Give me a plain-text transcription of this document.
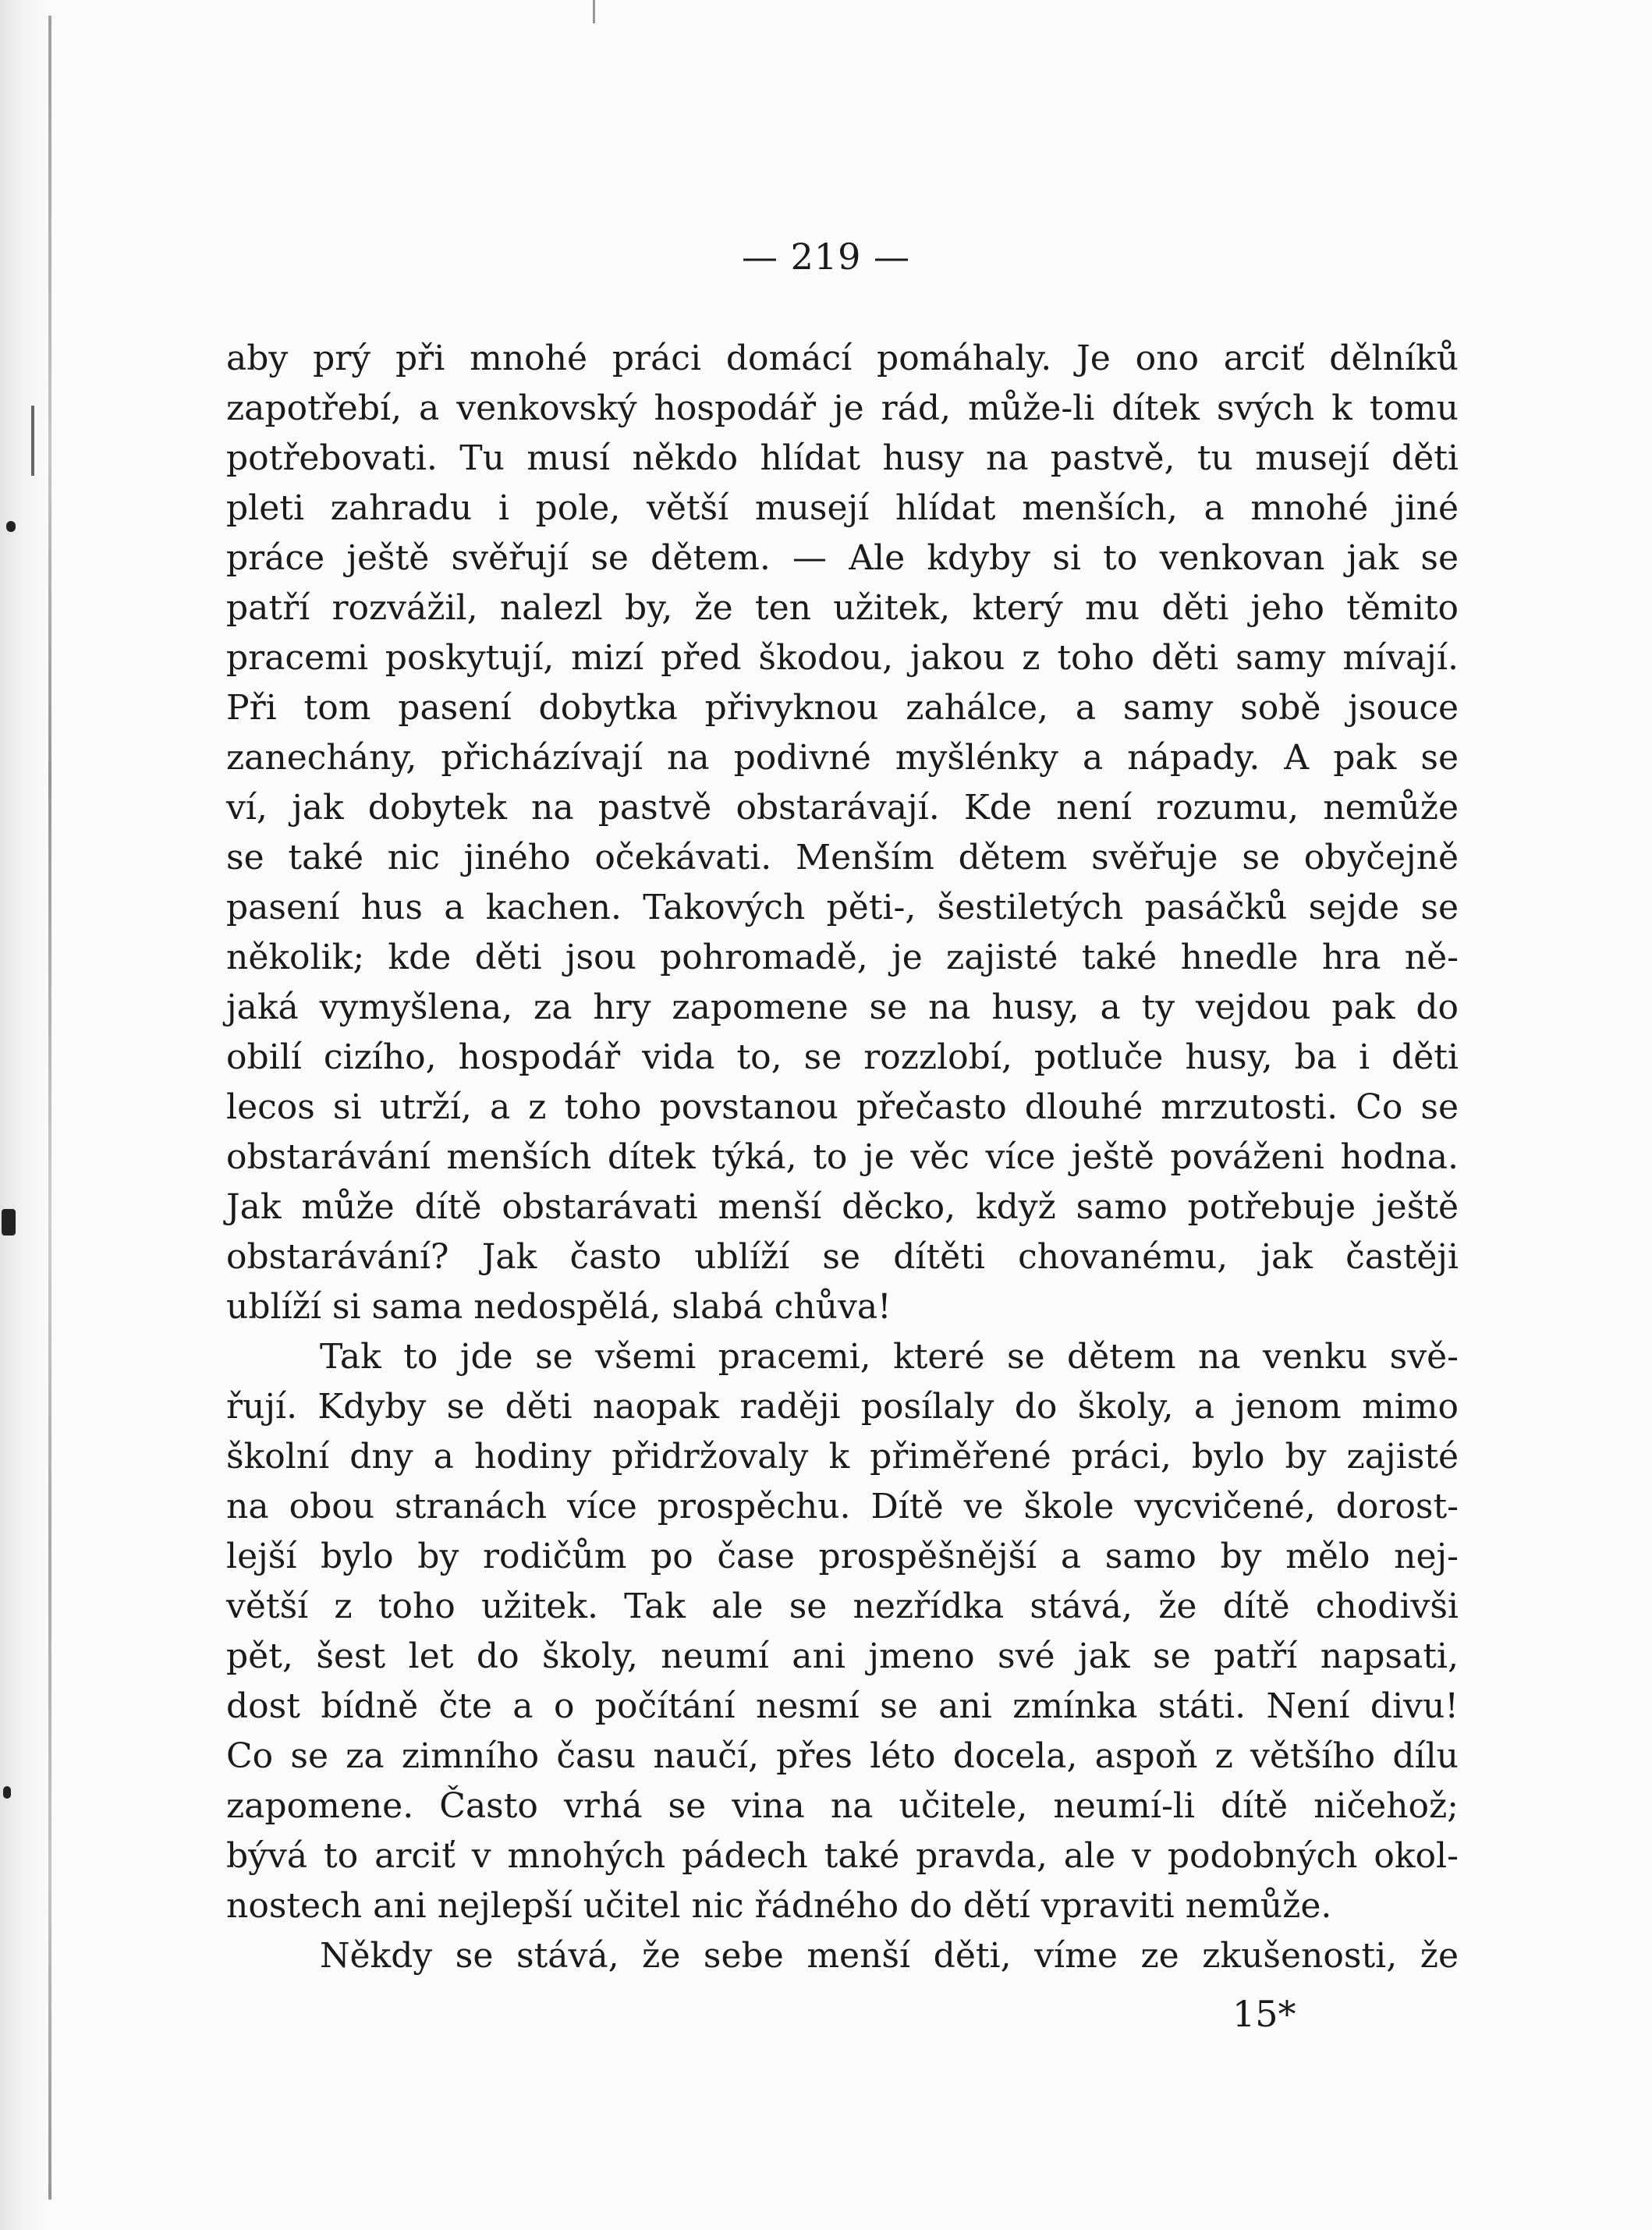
— 219 —
aby prý při mnohé práci domácí pomáhaly. Je ono arciť dělníků
zapotřebí, a venkovský hospodář je rád, může-li dítek svých k tomu
potřebovati. Tu musí někdo hlídat husy na pastvě, tu musejí děti
pleti zahradu i pole, větší musejí hlídat menších, a mnohé jiné
práce ještě svěřují se dětem. — Ale kdyby si to venkovan jak se
patří rozvážil, nalezl by, že ten užitek, který mu děti jeho těmito
pracemi poskytují, mizí před škodou, jakou z toho děti samy mívají.
Při tom pasení dobytka přivyknou zahálce, a samy sobě jsouce
zanechány, přicházívají na podivné myšlénky a nápady. A pak se
ví, jak dobytek na pastvě obstarávají. Kde není rozumu, nemůže
se také nic jiného očekávati. Menším dětem svěřuje se obyčejně
pasení hus a kachen. Takových pěti-, šestiletých pasáčků sejde se
několik; kde děti jsou pohromadě, je zajisté také hnedle hra ně-
jaká vymyšlena, za hry zapomene se na husy, a ty vejdou pak do
obilí cizího, hospodář vida to, se rozzlobí, potluče husy, ba i děti
lecos si utrží, a z toho povstanou přečasto dlouhé mrzutosti. Co se
obstarávání menších dítek týká, to je věc více ještě pováženi hodna.
Jak může dítě obstarávati menší děcko, když samo potřebuje ještě
obstarávání? Jak často ublíží se dítěti chovanému, jak častěji
ublíží si sama nedospělá, slabá chůva!
Tak to jde se všemi pracemi, které se dětem na venku svě-
řují. Kdyby se děti naopak raději posílaly do školy, a jenom mimo
školní dny a hodiny přidržovaly k přiměřené práci, bylo by zajisté
na obou stranách více prospěchu. Dítě ve škole vycvičené, dorost-
lejší bylo by rodičům po čase prospěšnější a samo by mělo nej-
větší z toho užitek. Tak ale se nezřídka stává, že dítě chodivši
pět, šest let do školy, neumí ani jmeno své jak se patří napsati,
dost bídně čte a o počítání nesmí se ani zmínka státi. Není divu!
Co se za zimního času naučí, přes léto docela, aspoň z většího dílu
zapomene. Často vrhá se vina na učitele, neumí-li dítě ničehož;
bývá to arciť v mnohých pádech také pravda, ale v podobných okol-
nostech ani nejlepší učitel nic řádného do dětí vpraviti nemůže.
Někdy se stává, že sebe menší děti, víme ze zkušenosti, že
15*
